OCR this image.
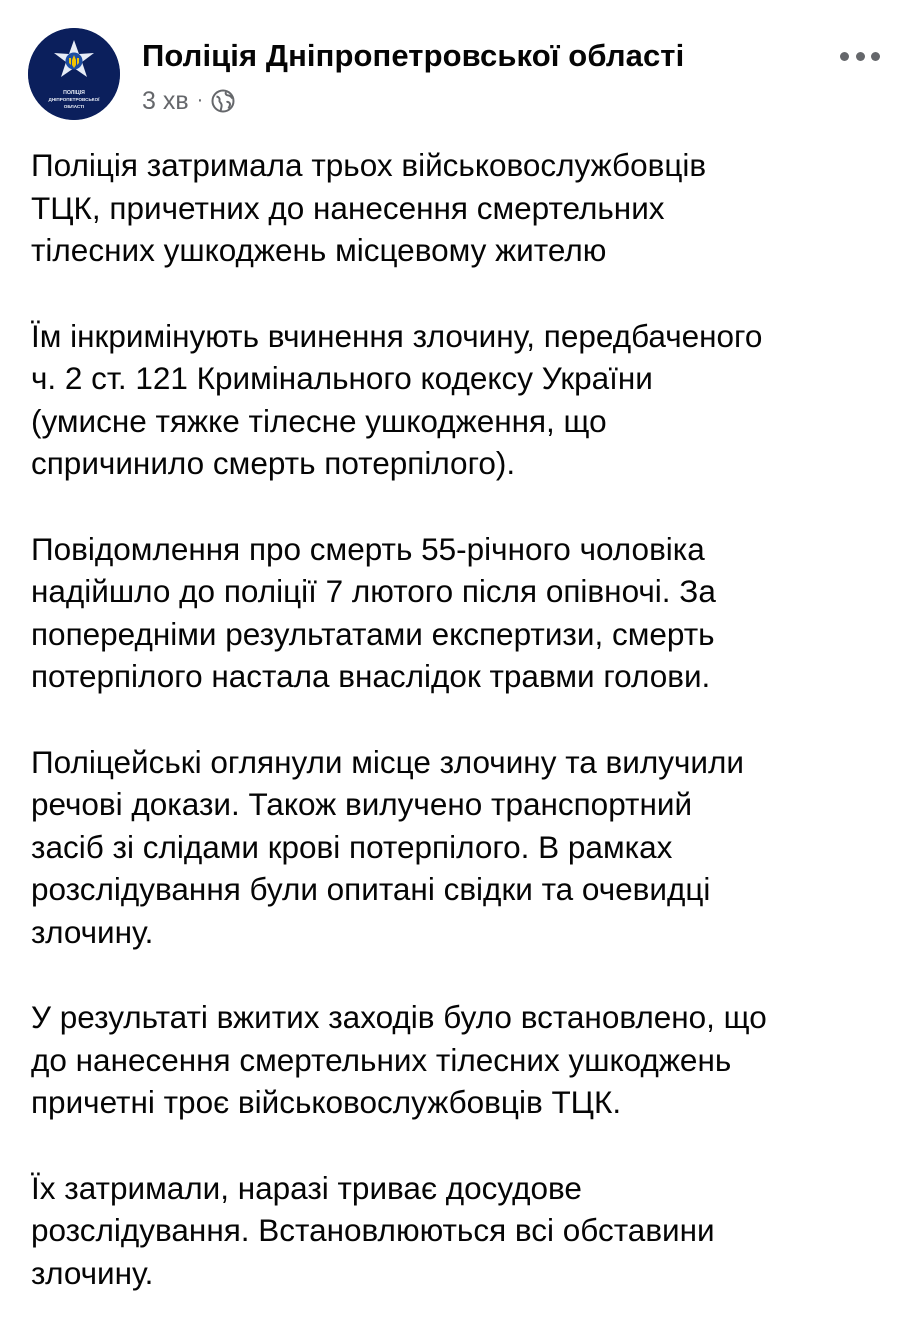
ПОЛІЦІЯ
ДНІПРОПЕТРОВСЬКОЇ
ОБЛАСТІ
Поліція Дніпропетровської області
3 хв ·

Поліція затримала трьох військовослужбовців
ТЦК, причетних до нанесення смертельних
тілесних ушкоджень місцевому жителю

Їм інкримінують вчинення злочину, передбаченого
ч. 2 ст. 121 Кримінального кодексу України
(умисне тяжке тілесне ушкодження, що
спричинило смерть потерпілого).

Повідомлення про смерть 55-річного чоловіка
надійшло до поліції 7 лютого після опівночі. За
попередніми результатами експертизи, смерть
потерпілого настала внаслідок травми голови.

Поліцейські оглянули місце злочину та вилучили
речові докази. Також вилучено транспортний
засіб зі слідами крові потерпілого. В рамках
розслідування були опитані свідки та очевидці
злочину.

У результаті вжитих заходів було встановлено, що
до нанесення смертельних тілесних ушкоджень
причетні троє військовослужбовців ТЦК.

Їх затримали, наразі триває досудове
розслідування. Встановлюються всі обставини
злочину.
